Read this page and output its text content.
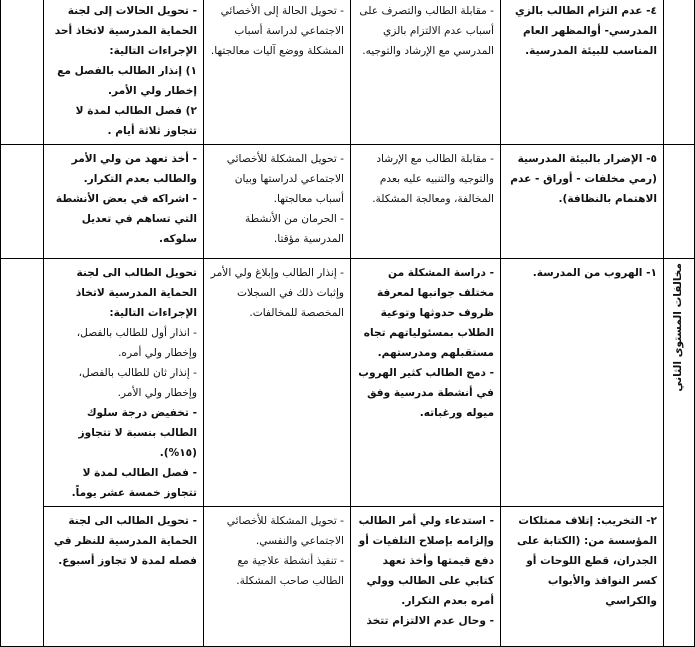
	٤- عدم التزام الطالب بالزي المدرسي- أوالمظهر العام المناسب للبيئة المدرسية.	- مقابلة الطالب والتصرف على أسباب عدم الالتزام بالزي المدرسي مع الإرشاد والتوجيه.	- تحويل الحالة إلى الأخصائي الاجتماعي لدراسة أسباب المشكلة ووضع آليات معالجتها.	- تحويل الحالات إلى لجنة الحماية المدرسية لاتخاذ أحد الإجراءات التالية:
١) إنذار الطالب بالفصل مع إخطار ولي الأمر.
٢) فصل الطالب لمدة لا تتجاوز ثلاثة أيام .	

	٥- الإضرار بالبيئة المدرسية (رمي مخلفات - أوراق - عدم الاهتمام بالنظافة).	- مقابلة الطالب مع الإرشاد والتوجيه والتنبيه عليه بعدم المخالفة، ومعالجة المشكلة.	- تحويل المشكلة للأخصائي الاجتماعي لدراستها وبيان أسباب معالجتها.
- الحرمان من الأنشطة المدرسية مؤقتا.	- أخذ تعهد من ولي الأمر والطالب بعدم التكرار.
- اشراكه في بعض الأنشطة التي تساهم في تعديل سلوكه.	

مخالفات المستوى الثاني	١- الهروب من المدرسة.	- دراسة المشكلة من مختلف جوانبها لمعرفة ظروف حدوثها وتوعية الطلاب بمسئولياتهم تجاه مستقبلهم ومدرستهم.
- دمج الطالب كثير الهروب في أنشطة مدرسية وفق ميوله ورغباته.	- إنذار الطالب وإبلاغ ولي الأمر وإثبات ذلك في السجلات المخصصة للمخالفات.	تحويل الطالب الى لجنة الحماية المدرسية لاتخاذ الإجراءات التالية:
- انذار أول للطالب بالفصل، وإخطار ولي أمره.
- إنذار ثان للطالب بالفصل، وإخطار ولي الأمر.
- تخفيض درجة سلوك الطالب بنسبة لا تتجاوز (١٥%).
- فصل الطالب لمدة لا تتجاوز خمسة عشر يوماً.	

	٢- التخريب: إتلاف ممتلكات المؤسسة من: (الكتابة على الجدران، قطع اللوحات أو كسر النوافذ والأبواب والكراسي	- استدعاء ولي أمر الطالب وإلزامه بإصلاح التلفيات أو دفع قيمتها وأخذ تعهد كتابي على الطالب وولي أمره بعدم التكرار.
- وحال عدم الالتزام تتخذ	- تحويل المشكلة للأخصائي الاجتماعي والنفسي.
- تنفيذ أنشطة علاجية مع الطالب صاحب المشكلة.	- تحويل الطالب الى لجنة الحماية المدرسية للنظر في فصله لمدة لا تجاوز أسبوع.	
